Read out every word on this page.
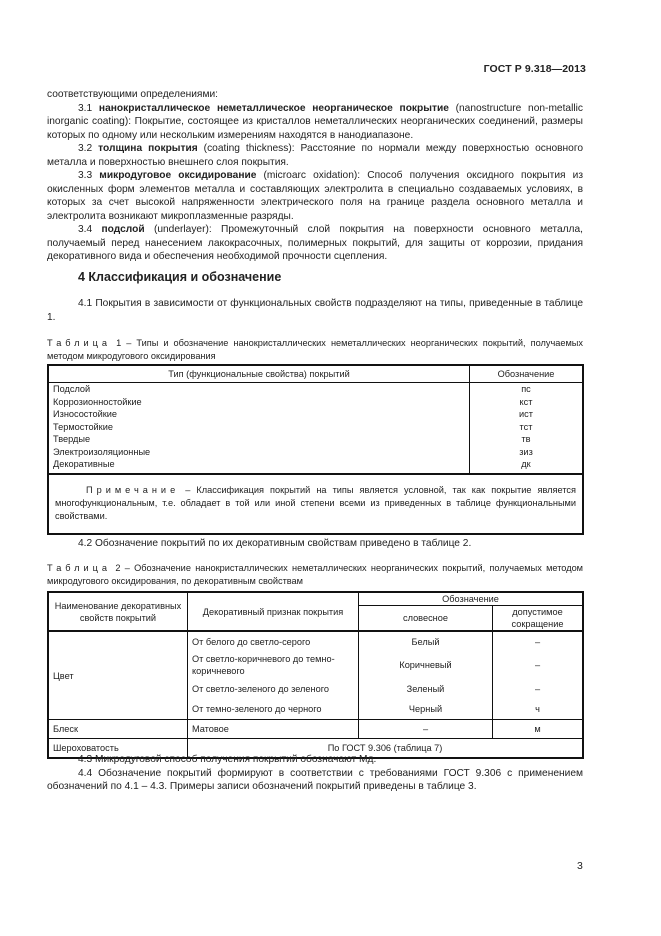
ГОСТ Р 9.318—2013

соответствующими определениями:

3.1 нанокристаллическое неметаллическое неорганическое покрытие (nanostructure non-metallic inorganic coating): Покрытие, состоящее из кристаллов неметаллических неорганических соединений, размеры которых по одному или нескольким измерениям находятся в нанодиапазоне.

3.2 толщина покрытия (coating thickness): Расстояние по нормали между поверхностью основного металла и поверхностью внешнего слоя покрытия.

3.3 микродуговое оксидирование (microarc oxidation): Способ получения оксидного покрытия из окисленных форм элементов металла и составляющих электролита в специально создаваемых условиях, в которых за счет высокой напряженности электрического поля на границе раздела основного металла и электролита возникают микроплазменные разряды.

3.4 подслой (underlayer): Промежуточный слой покрытия на поверхности основного металла, получаемый перед нанесением лакокрасочных, полимерных покрытий, для защиты от коррозии, придания декоративного вида и обеспечения необходимой прочности сцепления.

4 Классификация и обозначение

4.1 Покрытия в зависимости от функциональных свойств подразделяют на типы, приведенные в таблице 1.

Таблица 1 – Типы и обозначение нанокристаллических неметаллических неорганических покрытий, получаемых методом микродугового оксидирования
Тип (функциональные свойства) покрытий	Обозначение
Подслой	пс
Коррозионностойкие	кст
Износостойкие	ист
Термостойкие	тст
Твердые	тв
Электроизоляционные	зиз
Декоративные	дк
Примечание – Классификация покрытий на типы является условной, так как покрытие является многофункциональным, т.е. обладает в той или иной степени всеми из приведенных в таблице функциональными свойствами.	

4.2 Обозначение покрытий по их декоративным свойствам приведено в таблице 2.

Таблица 2 – Обозначение нанокристаллических неметаллических неорганических покрытий, получаемых методом микродугового оксидирования, по декоративным свойствам
Наименование декоративных свойств покрытий	Декоративный признак покрытия	Обозначение	
		словесное	допустимое сокращение
Цвет	От белого до светло-серого	Белый	–
	От светло-коричневого до темно-коричневого	Коричневый	–
	От светло-зеленого до зеленого	Зеленый	–
	От темно-зеленого до черного	Черный	ч
Блеск	Матовое	–	м
Шероховатость	По ГОСТ 9.306 (таблица 7)		

4.3 Микродуговой способ получения покрытий обозначают Мд.

4.4 Обозначение покрытий формируют в соответствии с требованиями ГОСТ 9.306 с применением обозначений по 4.1 – 4.3. Примеры записи обозначений покрытий приведены в таблице 3.

3
